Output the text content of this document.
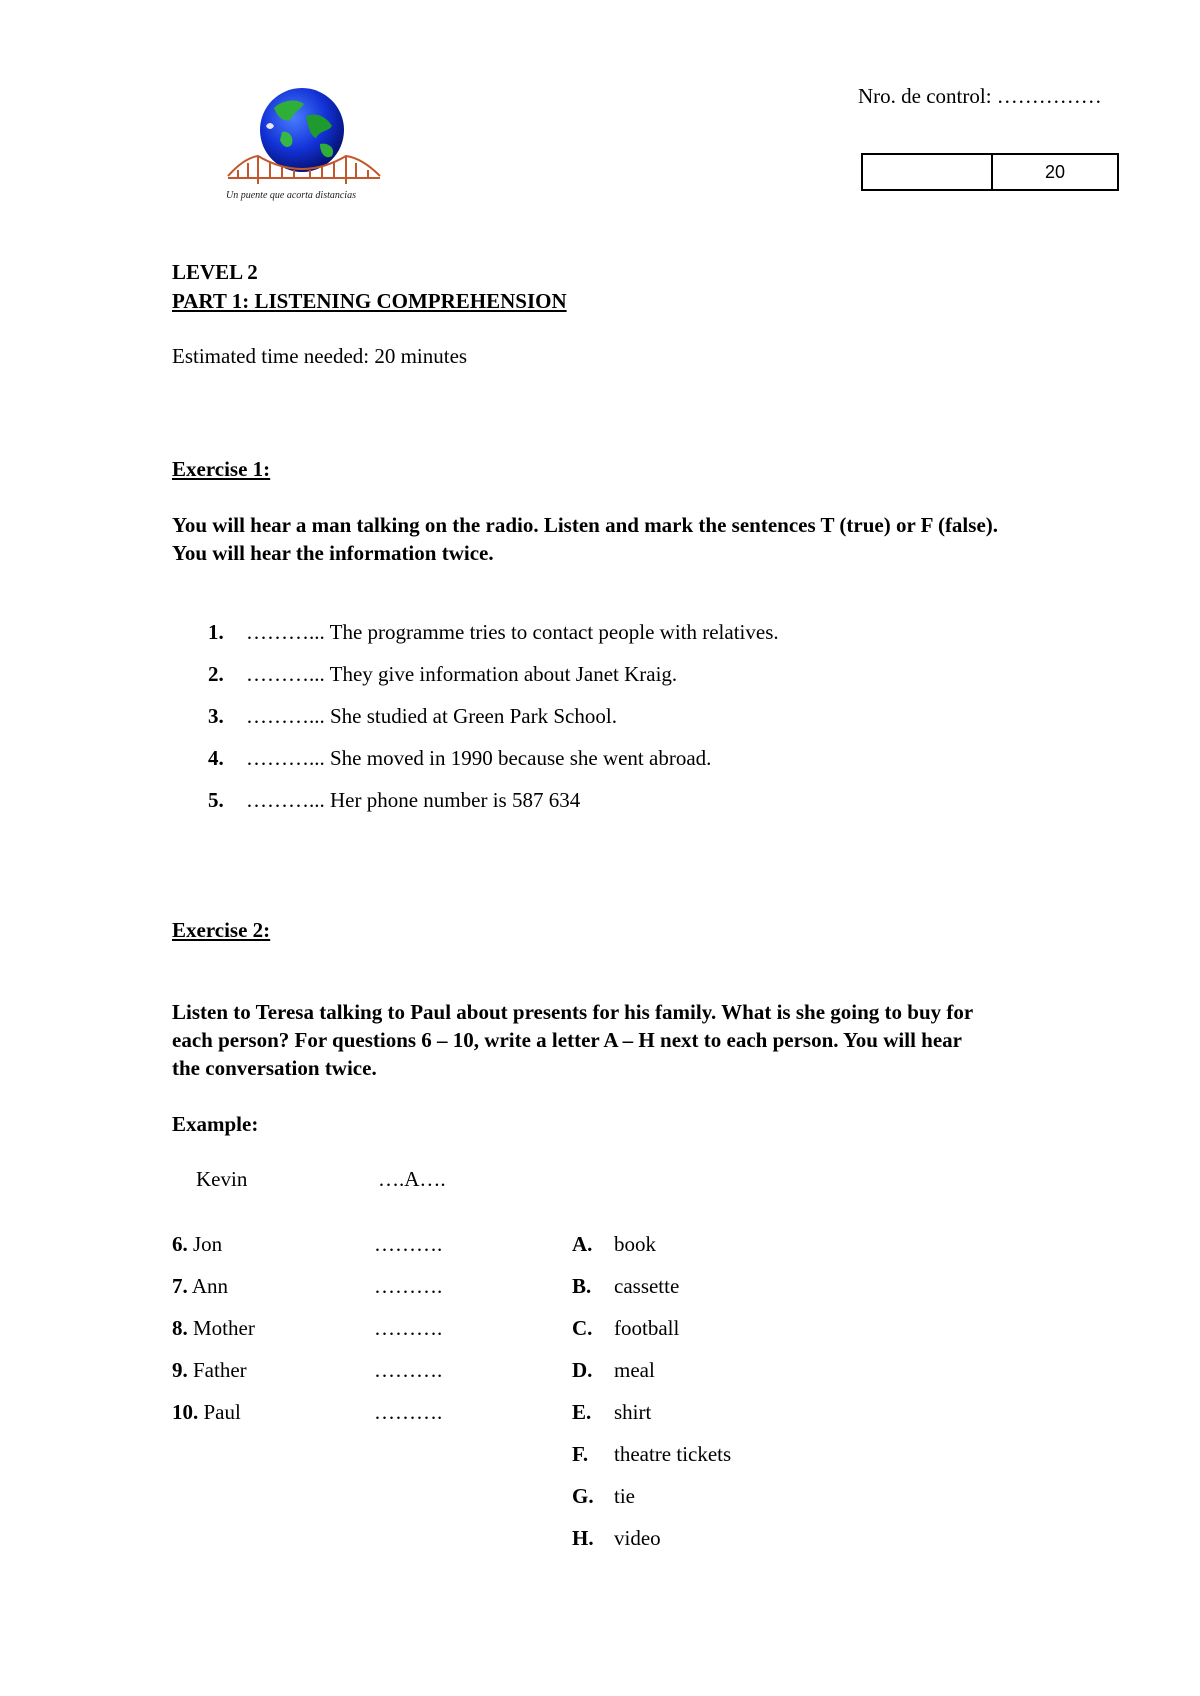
Un puente que acorta distancias
Nro. de control: ……………
20
LEVEL 2
PART 1: LISTENING COMPREHENSION
Estimated time needed: 20 minutes
Exercise 1:
You will hear a man talking on the radio. Listen and mark the sentences T (true) or F (false).
You will hear the information twice.
1. ………... The programme tries to contact people with relatives.
2. ………... They give information about Janet Kraig.
3. ………... She studied at Green Park School.
4. ………... She moved in 1990 because she went abroad.
5. ………... Her phone number is 587 634
Exercise 2:
Listen to Teresa talking to Paul about presents for his family. What is she going to buy for
each person? For questions 6 – 10, write a letter A – H next to each person. You will hear
the conversation twice.
Example:
Kevin	….A….
6. Jon	……….
7. Ann	……….
8. Mother	……….
9. Father	……….
10. Paul	……….
A. book
B. cassette
C. football
D. meal
E. shirt
F. theatre tickets
G. tie
H. video
